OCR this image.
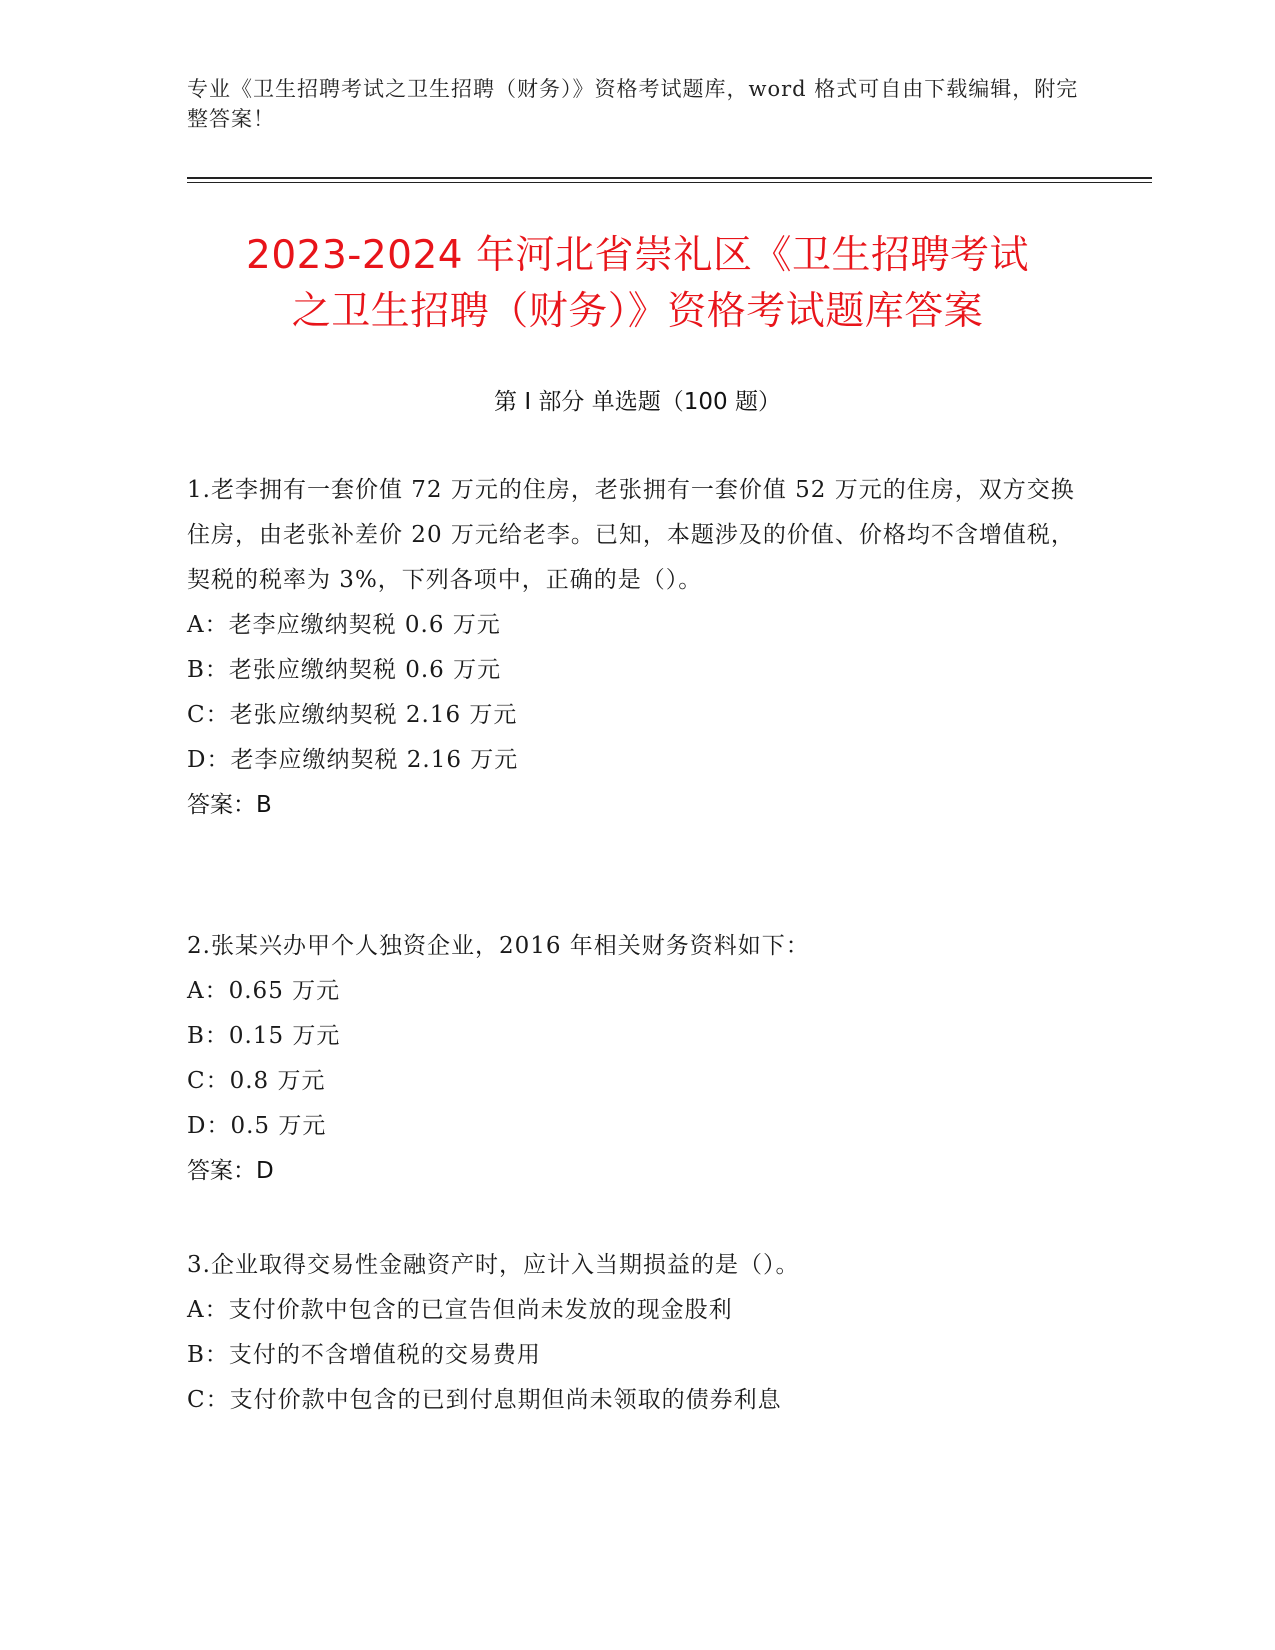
专业《卫生招聘考试之卫生招聘（财务）》资格考试题库，word 格式可自由下载编辑，附完整答案！
2023-2024 年河北省崇礼区《卫生招聘考试
之卫生招聘（财务）》资格考试题库答案
第 I 部分 单选题（100 题）
1.老李拥有一套价值 72 万元的住房，老张拥有一套价值 52 万元的住房，双方交换住房，由老张补差价 20 万元给老李。已知，本题涉及的价值、价格均不含增值税，契税的税率为 3%，下列各项中，正确的是（）。
A：老李应缴纳契税 0.6 万元
B：老张应缴纳契税 0.6 万元
C：老张应缴纳契税 2.16 万元
D：老李应缴纳契税 2.16 万元
答案：B
2.张某兴办甲个人独资企业，2016 年相关财务资料如下：
A：0.65 万元
B：0.15 万元
C：0.8 万元
D：0.5 万元
答案：D
3.企业取得交易性金融资产时，应计入当期损益的是（）。
A：支付价款中包含的已宣告但尚未发放的现金股利
B：支付的不含增值税的交易费用
C：支付价款中包含的已到付息期但尚未领取的债券利息
